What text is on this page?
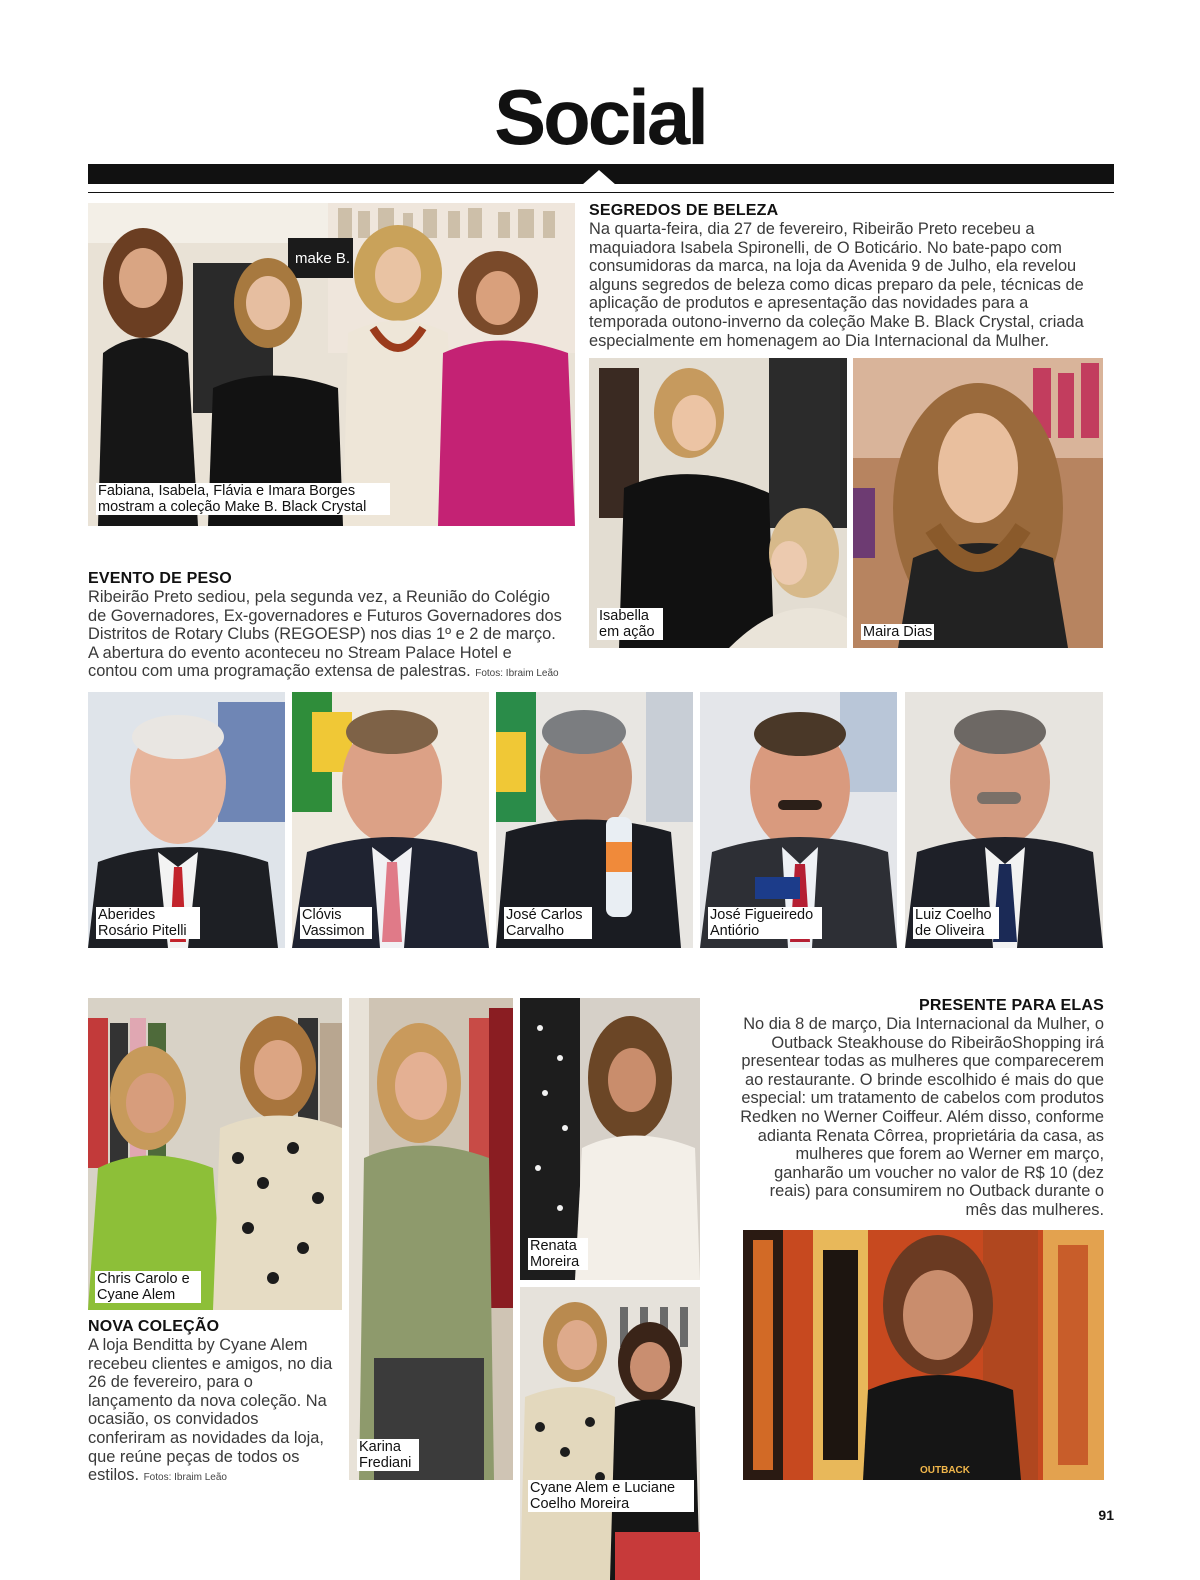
Social
make B.
Fabiana, Isabela, Flávia e Imara Borges mostram a coleção Make B. Black Crystal
SEGREDOS DE BELEZA
Na quarta-feira, dia 27 de fevereiro, Ribeirão Preto recebeu a maquiadora Isabela Spironelli, de O Boticário. No bate-papo com consumidoras da marca, na loja da Avenida 9 de Julho, ela revelou alguns segredos de beleza como dicas preparo da pele, técnicas de aplicação de produtos e apresentação das novidades para a temporada outono-inverno da coleção Make B. Black Crystal, criada especialmente em homenagem ao Dia Internacional da Mulher.
Isabella em ação	Maira Dias
EVENTO DE PESO
Ribeirão Preto sediou, pela segunda vez, a Reunião do Colégio de Governadores, Ex-governadores e Futuros Governadores dos Distritos de Rotary Clubs (REGOESP) nos dias 1º e 2 de março. A abertura do evento aconteceu no Stream Palace Hotel e contou com uma programação extensa de palestras. Fotos: Ibraim Leão
Aberides Rosário Pitelli
Clóvis Vassimon
José Carlos Carvalho
José Figueiredo Antiório
Luiz Coelho de Oliveira
Chris Carolo e Cyane Alem
Karina Frediani
Renata Moreira
Cyane Alem e Luciane Coelho Moreira
NOVA COLEÇÃO
A loja Benditta by Cyane Alem recebeu clientes e amigos, no dia 26 de fevereiro, para o lançamento da nova coleção. Na ocasião, os convidados conferiram as novidades da loja, que reúne peças de todos os estilos. Fotos: Ibraim Leão
PRESENTE PARA ELAS
No dia 8 de março, Dia Internacional da Mulher, o Outback Steakhouse do RibeirãoShopping irá presentear todas as mulheres que comparecerem ao restaurante. O brinde escolhido é mais do que especial: um tratamento de cabelos com produtos Redken no Werner Coiffeur. Além disso, conforme adianta Renata Côrrea, proprietária da casa, as mulheres que forem ao Werner em março, ganharão um voucher no valor de R$ 10 (dez reais) para consumirem no Outback durante o mês das mulheres.
OUTBACK
91
